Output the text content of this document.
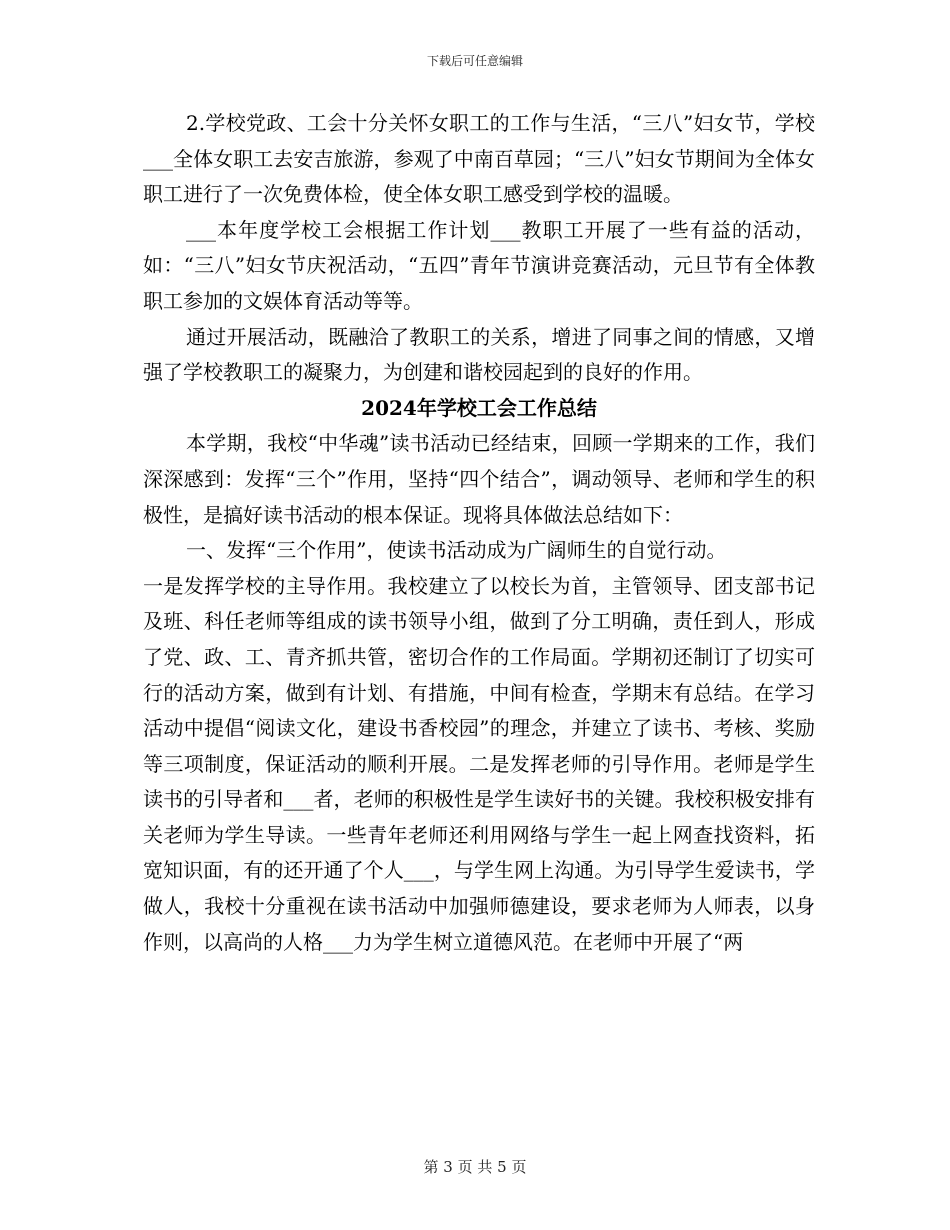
下载后可任意编辑

2.学校党政、工会十分关怀女职工的工作与生活，“三八”妇女节，学校___全体女职工去安吉旅游，参观了中南百草园；“三八”妇女节期间为全体女职工进行了一次免费体检，使全体女职工感受到学校的温暖。

___本年度学校工会根据工作计划___教职工开展了一些有益的活动，如：“三八”妇女节庆祝活动，“五四”青年节演讲竞赛活动，元旦节有全体教职工参加的文娱体育活动等等。

通过开展活动，既融洽了教职工的关系，增进了同事之间的情感，又增强了学校教职工的凝聚力，为创建和谐校园起到的良好的作用。

2024年学校工会工作总结

本学期，我校“中华魂”读书活动已经结束，回顾一学期来的工作，我们深深感到：发挥“三个”作用，坚持“四个结合”，调动领导、老师和学生的积极性，是搞好读书活动的根本保证。现将具体做法总结如下：

一、发挥“三个作用”，使读书活动成为广阔师生的自觉行动。

一是发挥学校的主导作用。我校建立了以校长为首，主管领导、团支部书记及班、科任老师等组成的读书领导小组，做到了分工明确，责任到人，形成了党、政、工、青齐抓共管，密切合作的工作局面。学期初还制订了切实可行的活动方案，做到有计划、有措施，中间有检查，学期末有总结。在学习活动中提倡“阅读文化，建设书香校园”的理念，并建立了读书、考核、奖励等三项制度，保证活动的顺利开展。二是发挥老师的引导作用。老师是学生读书的引导者和___者，老师的积极性是学生读好书的关键。我校积极安排有关老师为学生导读。一些青年老师还利用网络与学生一起上网查找资料，拓宽知识面，有的还开通了个人___，与学生网上沟通。为引导学生爱读书，学做人，我校十分重视在读书活动中加强师德建设，要求老师为人师表，以身作则，以高尚的人格___力为学生树立道德风范。在老师中开展了“两

第 3 页 共 5 页
